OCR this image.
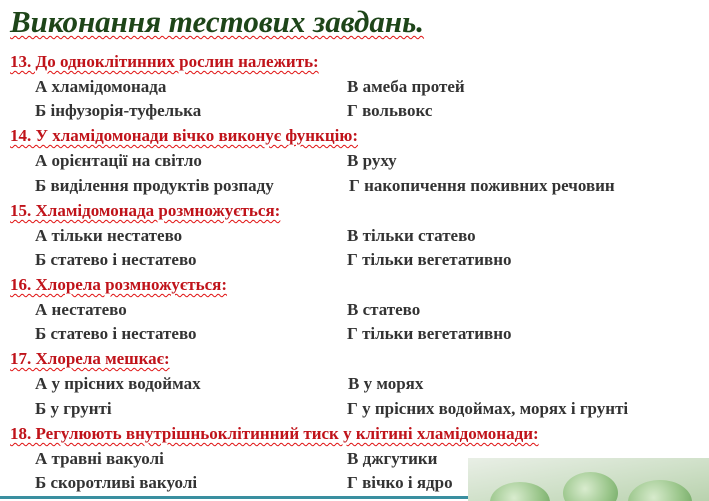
Виконання тестових завдань.
13. До одноклітинних рослин належить:
А хламідомонада	В амеба протей
Б інфузорія-туфелька	Г вольвокс
14. У хламідомонади вічко виконує функцію:
А орієнтації на світло	В руху
Б виділення продуктів розпаду	Г накопичення поживних речовин
15. Хламідомонада розмножується:
А тільки нестатево	В тільки статево
Б статево і нестатево	Г тільки вегетативно
16. Хлорела розмножується:
А нестатево	В статево
Б статево і нестатево	Г тільки вегетативно
17. Хлорела мешкає:
А у прісних водоймах	В у морях
Б у грунті	Г у прісних водоймах, морях і грунті
18. Регулюють внутрішньоклітинний тиск у клітині хламідомонади:
А травні вакуолі	В джгутики
Б скоротливі вакуолі	Г вічко і ядро
